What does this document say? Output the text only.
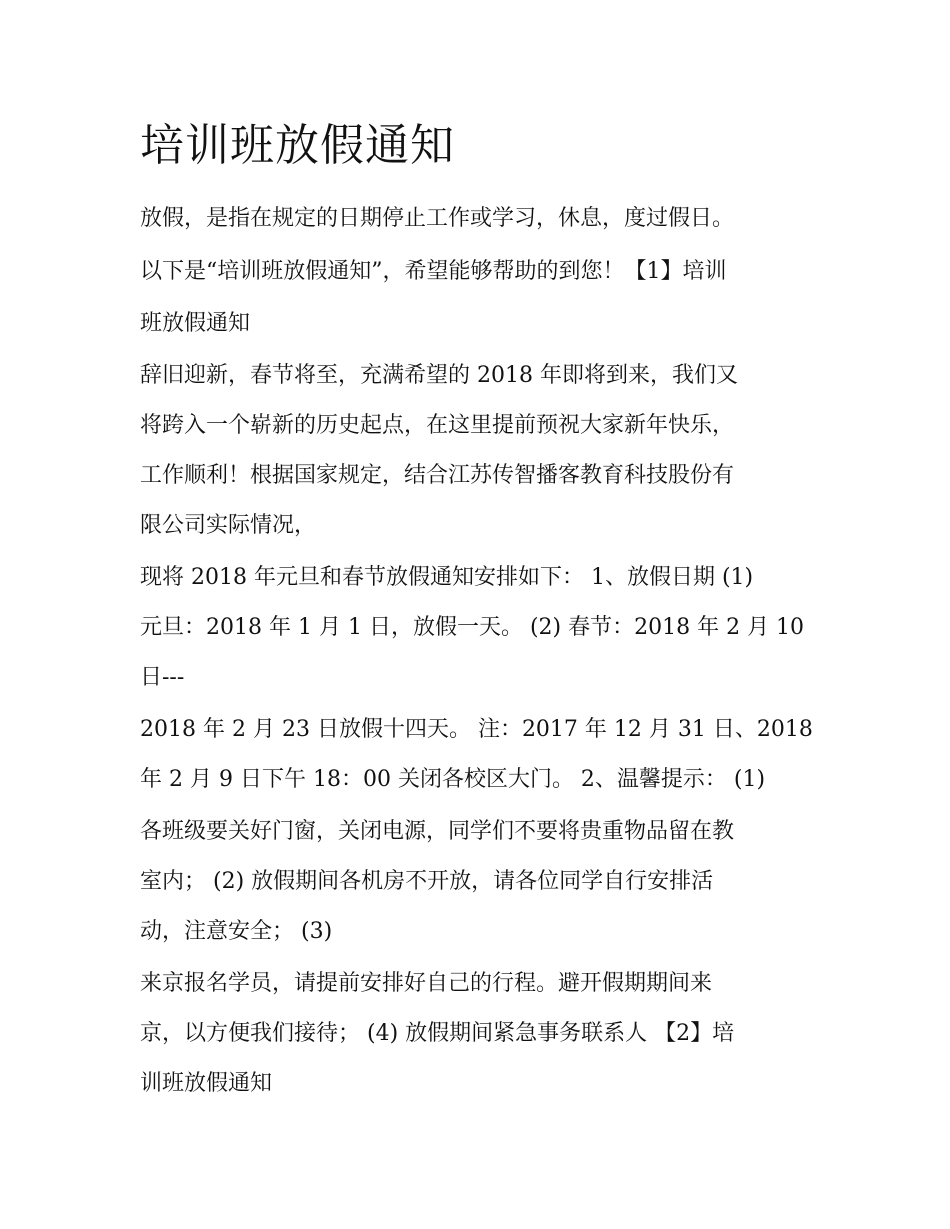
培训班放假通知
放假，是指在规定的日期停止工作或学习，休息，度过假日。
以下是“培训班放假通知”，希望能够帮助的到您！【1】培训
班放假通知
辞旧迎新，春节将至，充满希望的 2018 年即将到来，我们又
将跨入一个崭新的历史起点，在这里提前预祝大家新年快乐，
工作顺利！根据国家规定，结合江苏传智播客教育科技股份有
限公司实际情况，
现将 2018 年元旦和春节放假通知安排如下： 1、放假日期 (1)
元旦：2018 年 1 月 1 日，放假一天。 (2) 春节：2018 年 2 月 10
日---
2018 年 2 月 23 日放假十四天。 注：2017 年 12 月 31 日、2018
年 2 月 9 日下午 18：00 关闭各校区大门。 2、温馨提示： (1)
各班级要关好门窗，关闭电源，同学们不要将贵重物品留在教
室内； (2) 放假期间各机房不开放，请各位同学自行安排活
动，注意安全； (3)
来京报名学员，请提前安排好自己的行程。避开假期期间来
京，以方便我们接待； (4) 放假期间紧急事务联系人 【2】培
训班放假通知
